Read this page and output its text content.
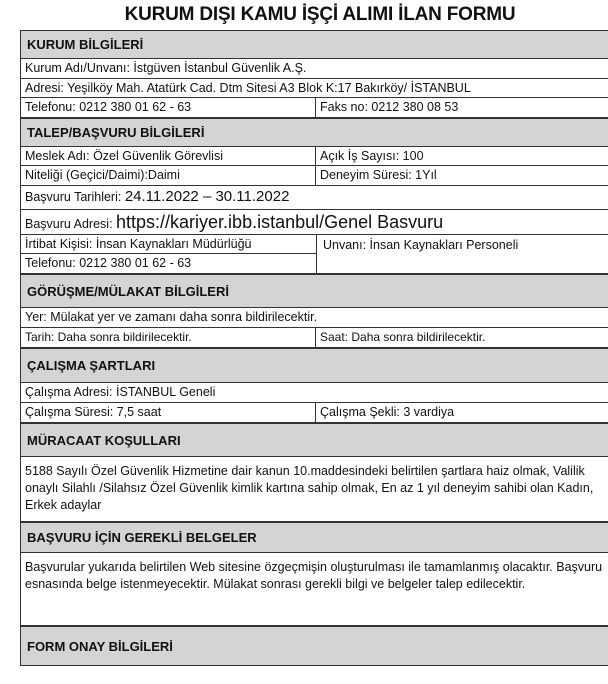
KURUM DIŞI KAMU İŞÇİ ALIMI İLAN FORMU
KURUM BİLGİLERİ
Kurum Adı/Unvanı: İstgüven İstanbul Güvenlik A.Ş.
Adresi: Yeşilköy Mah. Atatürk Cad. Dtm Sitesi A3 Blok K:17 Bakırköy/ İSTANBUL
Telefonu: 0212 380 01 62 - 63	Faks no: 0212 380 08 53
TALEP/BAŞVURU BİLGİLERİ
Meslek Adı: Özel Güvenlik Görevlisi	Açık İş Sayısı: 100
Niteliği (Geçici/Daimi):Daimi	Deneyim Süresi: 1Yıl
Başvuru Tarihleri: 24.11.2022 – 30.11.2022
Başvuru Adresi: https://kariyer.ibb.istanbul/Genel Basvuru
İrtibat Kişisi: İnsan Kaynakları Müdürlüğü
Telefonu: 0212 380 01 62 - 63
Unvanı: İnsan Kaynakları Personeli
GÖRÜŞME/MÜLAKAT BİLGİLERİ
Yer: Mülakat yer ve zamanı daha sonra bildirilecektir.
Tarih: Daha sonra bildirilecektir.	Saat: Daha sonra bildirilecektir.
ÇALIŞMA ŞARTLARI
Çalışma Adresi: İSTANBUL Geneli
Çalışma Süresi: 7,5 saat	Çalışma Şekli: 3 vardiya
MÜRACAAT KOŞULLARI
5188 Sayılı Özel Güvenlik Hizmetine dair kanun 10.maddesindeki belirtilen şartlara haiz olmak, Valilik onaylı Silahlı /Silahsız Özel Güvenlik kimlik kartına sahip olmak, En az 1 yıl deneyim sahibi olan Kadın, Erkek adaylar
BAŞVURU İÇİN GEREKLİ BELGELER
Başvurular yukarıda belirtilen Web sitesine özgeçmişin oluşturulması ile tamamlanmış olacaktır. Başvuru esnasında belge istenmeyecektir. Mülakat sonrası gerekli bilgi ve belgeler talep edilecektir.
FORM ONAY BİLGİLERİ
